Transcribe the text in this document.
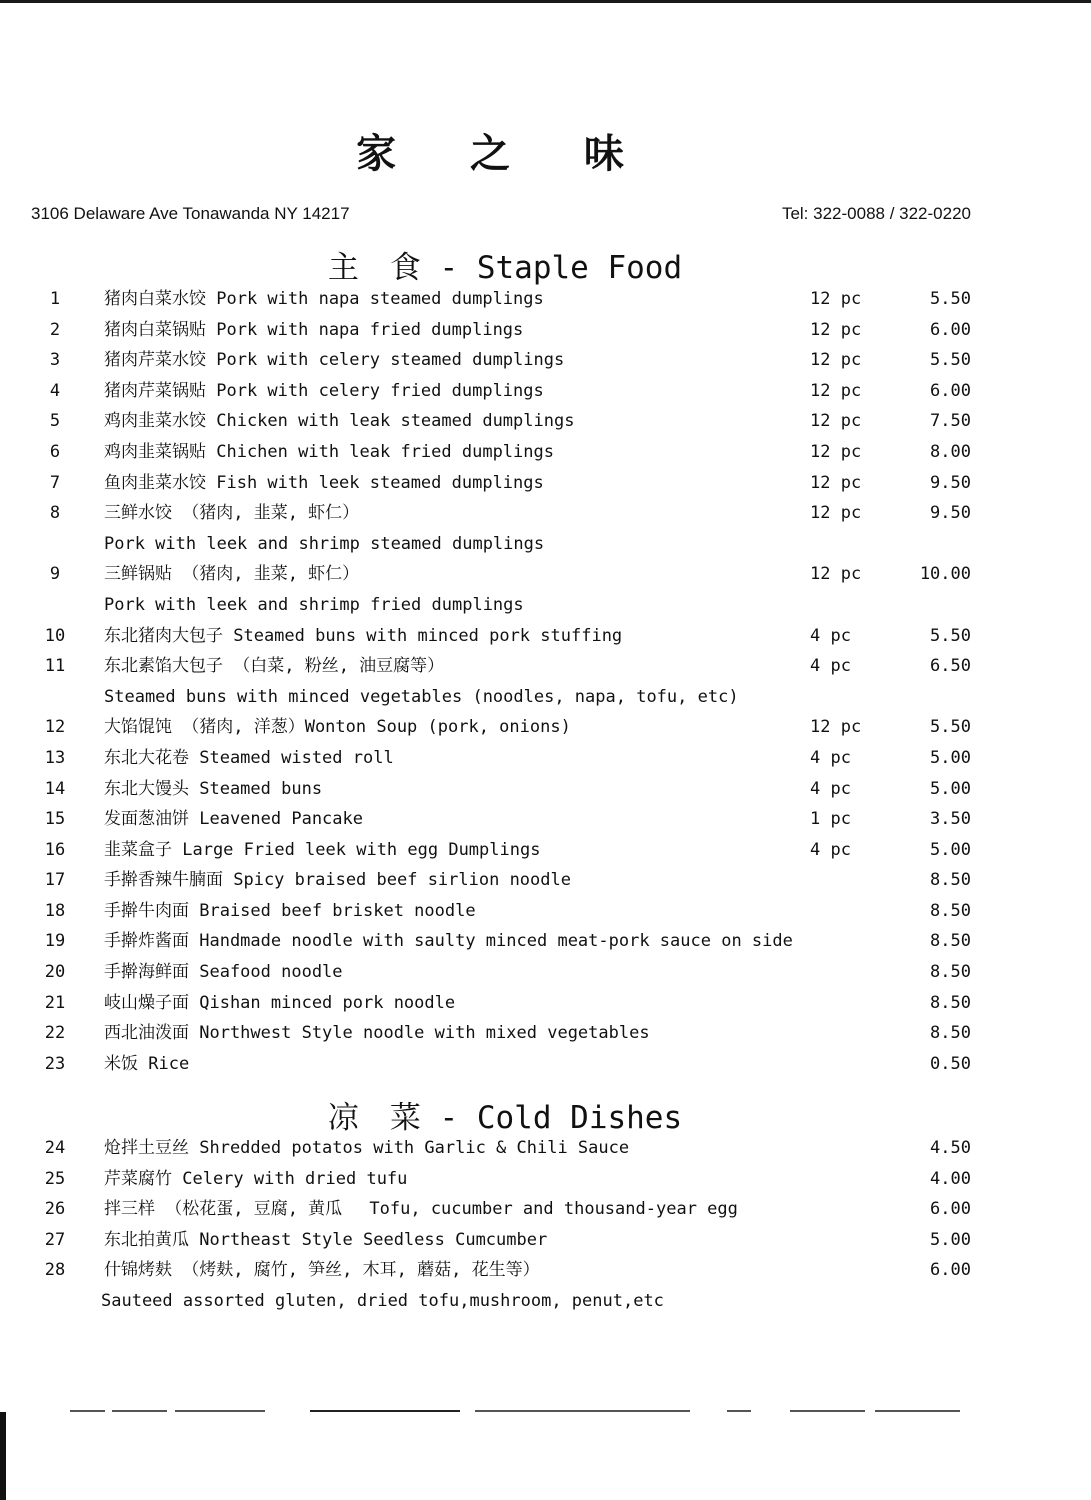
家 之 味
3106 Delaware Ave Tonawanda NY 14217	Tel: 322-0088 / 322-0220
主　食 - Staple Food
1	猪肉白菜水饺 Pork with napa steamed dumplings	12 pc	5.50
2	猪肉白菜锅贴 Pork with napa fried dumplings	12 pc	6.00
3	猪肉芹菜水饺 Pork with celery steamed dumplings	12 pc	5.50
4	猪肉芹菜锅贴 Pork with celery fried dumplings	12 pc	6.00
5	鸡肉韭菜水饺 Chicken with leak steamed dumplings	12 pc	7.50
6	鸡肉韭菜锅贴 Chichen with leak fried dumplings	12 pc	8.00
7	鱼肉韭菜水饺 Fish with leek steamed dumplings	12 pc	9.50
8	三鲜水饺 （猪肉, 韭菜, 虾仁）	12 pc	9.50
Pork with leek and shrimp steamed dumplings
9	三鲜锅贴 （猪肉, 韭菜, 虾仁）	12 pc	10.00
Pork with leek and shrimp fried dumplings
10 东北猪肉大包子 Steamed buns with minced pork stuffing	4 pc	5.50
11 东北素馅大包子 （白菜, 粉丝, 油豆腐等）	4 pc	6.50
Steamed buns with minced vegetables (noodles, napa, tofu, etc)
12 大馅馄饨 （猪肉, 洋葱）Wonton Soup (pork, onions)	12 pc	5.50
13 东北大花卷 Steamed wisted roll	4 pc	5.00
14 东北大馒头 Steamed buns	4 pc	5.00
15 发面葱油饼 Leavened Pancake	1 pc	3.50
16 韭菜盒子 Large Fried leek with egg Dumplings	4 pc	5.00
17 手擀香辣牛腩面 Spicy braised beef sirlion noodle	8.50
18 手擀牛肉面 Braised beef brisket noodle	8.50
19 手擀炸酱面 Handmade noodle with saulty minced meat-pork sauce on side	8.50
20 手擀海鲜面 Seafood noodle	8.50
21 岐山燥子面 Qishan minced pork noodle	8.50
22 西北油泼面 Northwest Style noodle with mixed vegetables	8.50
23 米饭 Rice	0.50
凉　菜 - Cold Dishes
24 炝拌土豆丝 Shredded potatos with Garlic & Chili Sauce	4.50
25 芹菜腐竹 Celery with dried tufu	4.00
26 拌三样 （松花蛋, 豆腐, 黄瓜　 Tofu, cucumber and thousand-year egg	6.00
27 东北拍黄瓜 Northeast Style Seedless Cumcumber	5.00
28 什锦烤麸 （烤麸, 腐竹, 笋丝, 木耳, 蘑菇, 花生等）	6.00
Sauteed assorted gluten, dried tofu,mushroom, penut,etc
